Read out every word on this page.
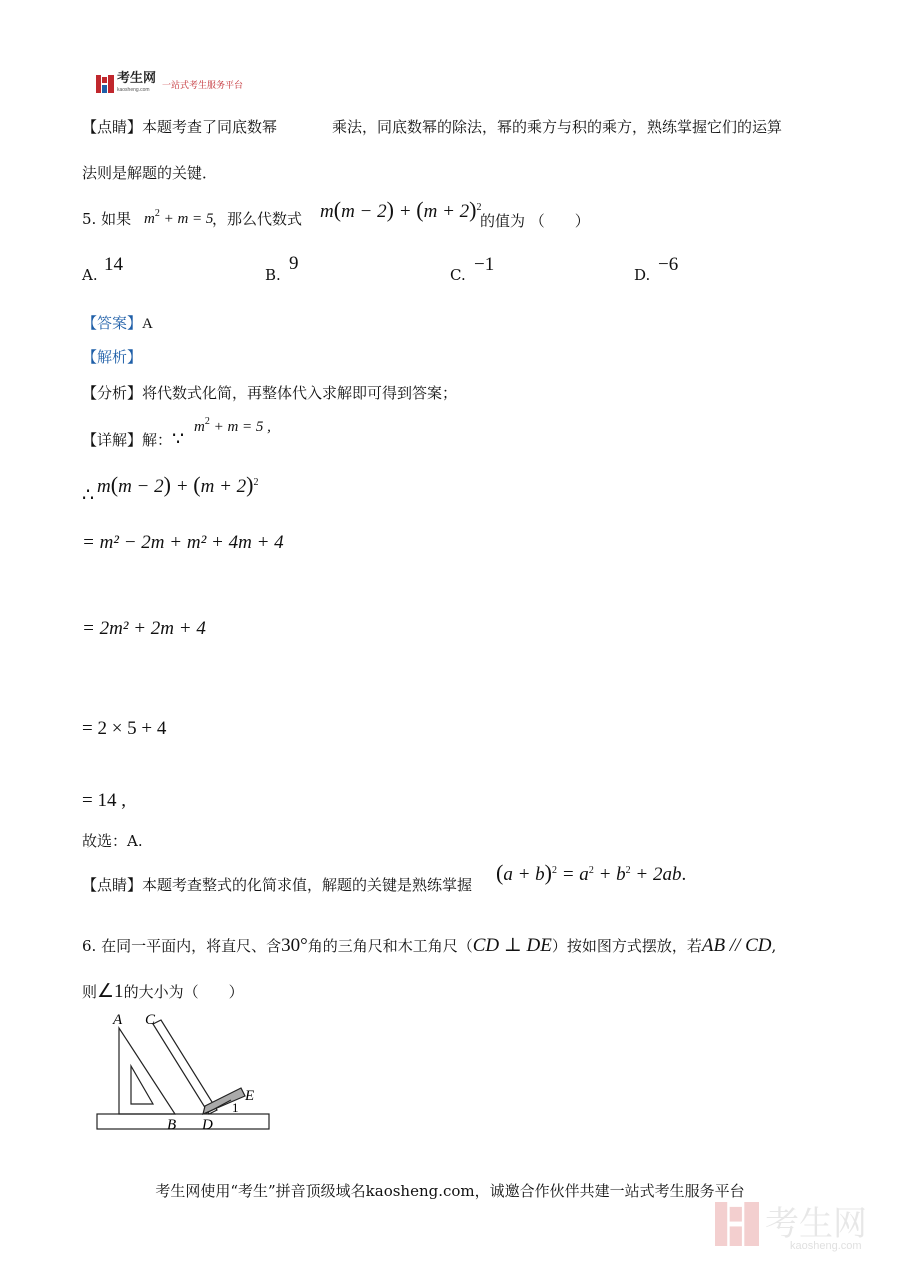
考生网
kaosheng.com
一站式考生服务平台
【点睛】本题考查了同底数幂	乘法，同底数幂的除法，幂的乘方与积的乘方，熟练掌握它们的运算
法则是解题的关键．
5. 如果 $m^2 + m = 5$
，那么代数式 $m(m - 2) + (m + 2)^2$
的值为 （　　）
A. 14	B.
9
C. −1	D. −6
【答案】A
【解析】
【分析】将代数式化简，再整体代入求解即可得到答案；
【详解】解：∵
$m^2 + m = 5$ ,
∴ $m(m - 2) + (m + 2)^2$
= m² − 2m + m² + 4m + 4
= 2m² + 2m + 4
= 2 × 5 + 4
= 14 ,
故选：A.
【点睛】本题考查整式的化简求值，解题的关键是熟练掌握 $(a + b)^2 = a^2 + b^2 + 2ab$.
6. 在同一平面内，将直尺、含30°角的三角尺和木工角尺（CD ⊥ DE）按如图方式摆放，若AB // CD,
则∠1的大小为（　　）
A C
E
1
B D
考生网使用“考生”拼音顶级域名kaosheng.com，诚邀合作伙伴共建一站式考生服务平台
考生网
kaosheng.com
